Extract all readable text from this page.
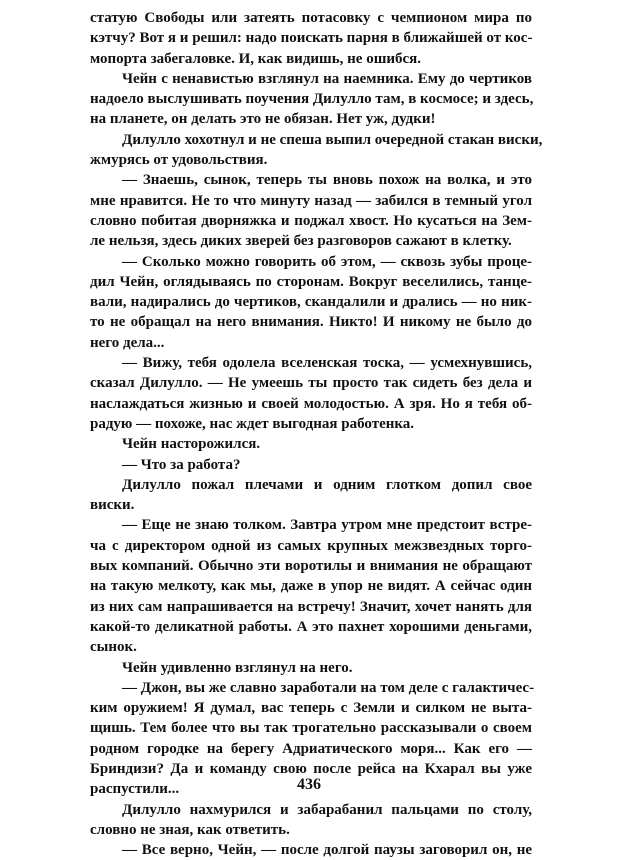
статую Свободы или затеять потасовку с чемпионом мира по
кэтчу? Вот я и решил: надо поискать парня в ближайшей от кос-
мопорта забегаловке. И, как видишь, не ошибся.
Чейн с ненавистью взглянул на наемника. Ему до чертиков
надоело выслушивать поучения Дилулло там, в космосе; и здесь,
на планете, он делать это не обязан. Нет уж, дудки!
Дилулло хохотнул и не спеша выпил очередной стакан виски,
жмурясь от удовольствия.
— Знаешь, сынок, теперь ты вновь похож на волка, и это
мне нравится. Не то что минуту назад — забился в темный угол
словно побитая дворняжка и поджал хвост. Но кусаться на Зем-
ле нельзя, здесь диких зверей без разговоров сажают в клетку.
— Сколько можно говорить об этом, — сквозь зубы проце-
дил Чейн, оглядываясь по сторонам. Вокруг веселились, танце-
вали, надирались до чертиков, скандалили и дрались — но ник-
то не обращал на него внимания. Никто! И никому не было до
него дела...
— Вижу, тебя одолела вселенская тоска, — усмехнувшись,
сказал Дилулло. — Не умеешь ты просто так сидеть без дела и
наслаждаться жизнью и своей молодостью. А зря. Но я тебя об-
радую — похоже, нас ждет выгодная работенка.
Чейн насторожился.
— Что за работа?
Дилулло пожал плечами и одним глотком допил свое
виски.
— Еще не знаю толком. Завтра утром мне предстоит встре-
ча с директором одной из самых крупных межзвездных торго-
вых компаний. Обычно эти воротилы и внимания не обращают
на такую мелкоту, как мы, даже в упор не видят. А сейчас один
из них сам напрашивается на встречу! Значит, хочет нанять для
какой-то деликатной работы. А это пахнет хорошими деньгами,
сынок.
Чейн удивленно взглянул на него.
— Джон, вы же славно заработали на том деле с галактичес-
ким оружием! Я думал, вас теперь с Земли и силком не выта-
щишь. Тем более что вы так трогательно рассказывали о своем
родном городке на берегу Адриатического моря... Как его —
Бриндизи? Да и команду свою после рейса на Кхарал вы уже
распустили...
Дилулло нахмурился и забарабанил пальцами по столу,
словно не зная, как ответить.
— Все верно, Чейн, — после долгой паузы заговорил он, не
436
